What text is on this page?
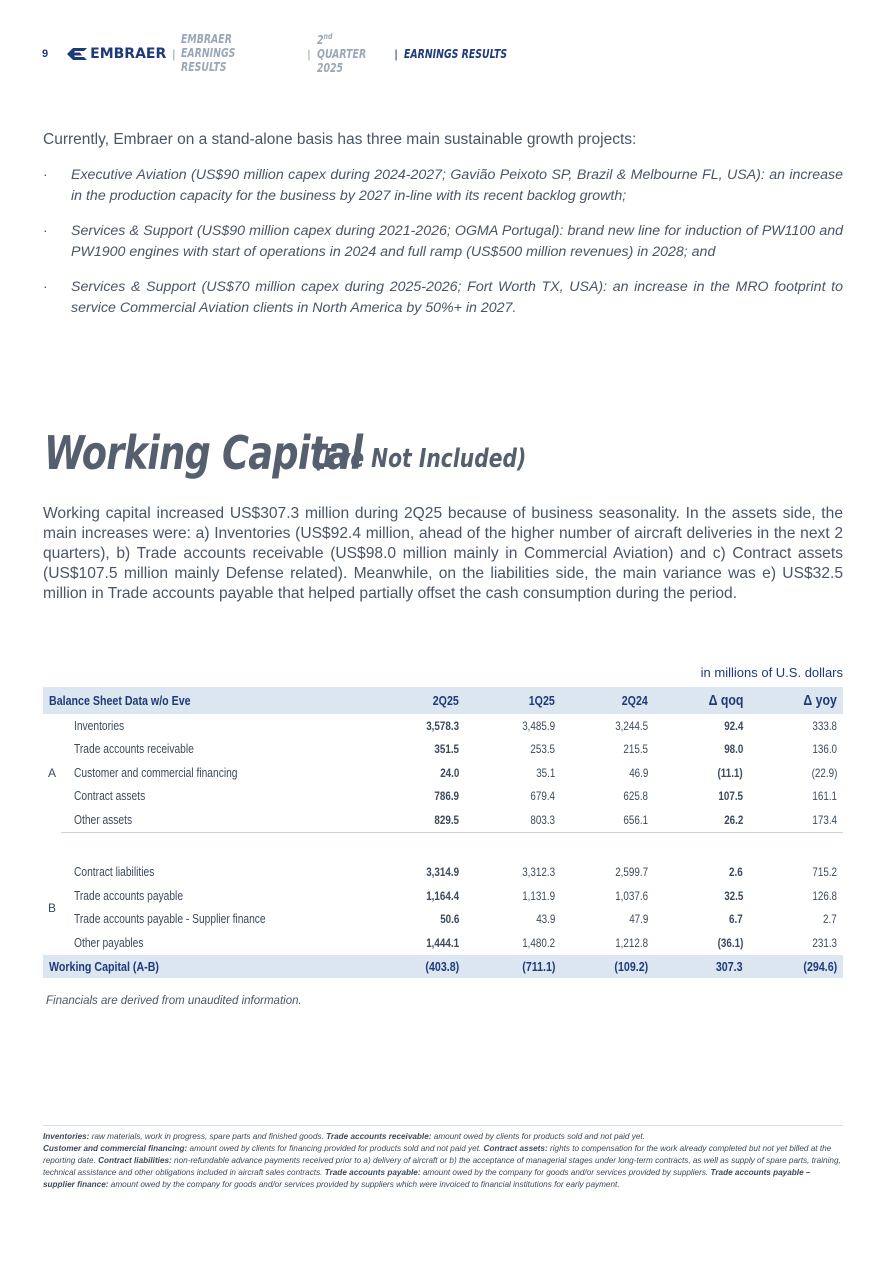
9	EMBRAER |
EMBRAER EARNINGS RESULTS
|
2nd QUARTER 2025
| EARNINGS RESULTS
Currently, Embraer on a stand-alone basis has three main sustainable growth projects:
· Executive Aviation (US$90 million capex during 2024-2027; Gavião Peixoto SP, Brazil & Melbourne FL, USA): an increase in the production capacity for the business by 2027 in-line with its recent backlog growth;
· Services & Support (US$90 million capex during 2021-2026; OGMA Portugal): brand new line for induction of PW1100 and PW1900 engines with start of operations in 2024 and full ramp (US$500 million revenues) in 2028; and
· Services & Support (US$70 million capex during 2025-2026; Fort Worth TX, USA): an increase in the MRO footprint to service Commercial Aviation clients in North America by 50%+ in 2027.
Working Capital
(Eve Not Included)
Working capital increased US$307.3 million during 2Q25 because of business seasonality. In the assets side, the main increases were: a) Inventories (US$92.4 million, ahead of the higher number of aircraft deliveries in the next 2 quarters), b) Trade accounts receivable (US$98.0 million mainly in Commercial Aviation) and c) Contract assets (US$107.5 million mainly Defense related). Meanwhile, on the liabilities side, the main variance was e) US$32.5 million in Trade accounts payable that helped partially offset the cash consumption during the period.
in millions of U.S. dollars
Balance Sheet Data w/o Eve		2Q25	1Q25	2Q24	Δ qoq	Δ yoy
A	Inventories	3,578.3	3,485.9	3,244.5	92.4	333.8
	Trade accounts receivable	351.5	253.5	215.5	98.0	136.0
	Customer and commercial financing	24.0	35.1	46.9	(11.1)	(22.9)
	Contract assets	786.9	679.4	625.8	107.5	161.1
	Other assets	829.5	803.3	656.1	26.2	173.4

B	Contract liabilities	3,314.9	3,312.3	2,599.7	2.6	715.2
	Trade accounts payable	1,164.4	1,131.9	1,037.6	32.5	126.8
	Trade accounts payable - Supplier finance	50.6	43.9	47.9	6.7	2.7
	Other payables	1,444.1	1,480.2	1,212.8	(36.1)	231.3
Working Capital (A-B)		(403.8)	(711.1)	(109.2)	307.3	(294.6)
Financials are derived from unaudited information.
Inventories: raw materials, work in progress, spare parts and finished goods. Trade accounts receivable: amount owed by clients for products sold and not paid yet.
Customer and commercial financing: amount owed by clients for financing provided for products sold and not paid yet. Contract assets: rights to compensation for the work already completed but not yet billed at the reporting date. Contract liabilities: non-refundable advance payments received prior to a) delivery of aircraft or b) the acceptance of managerial stages under long-term contracts, as well as supply of spare parts, training, technical assistance and other obligations included in aircraft sales contracts. Trade accounts payable: amount owed by the company for goods and/or services provided by suppliers. Trade accounts payable – supplier finance: amount owed by the company for goods and/or services provided by suppliers which were invoiced to financial institutions for early payment.
